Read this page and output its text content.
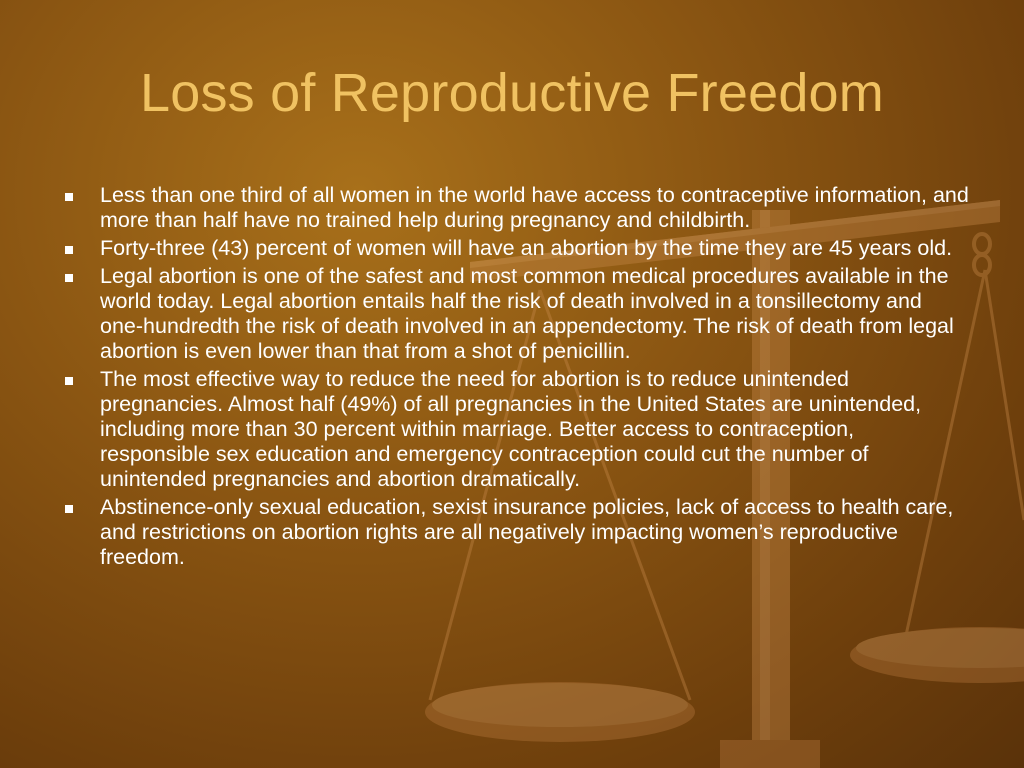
Loss of Reproductive Freedom
Less than one third of all women in the world have access to contraceptive information, and more than half have no trained help during pregnancy and childbirth.
Forty-three (43) percent of women will have an abortion by the time they are 45 years old.
Legal abortion is one of the safest and most common medical procedures available in the world today. Legal abortion entails half the risk of death involved in a tonsillectomy and one-hundredth the risk of death involved in an appendectomy. The risk of death from legal abortion is even lower than that from a shot of penicillin.
The most effective way to reduce the need for abortion is to reduce unintended pregnancies. Almost half (49%) of all pregnancies in the United States are unintended, including more than 30 percent within marriage. Better access to contraception, responsible sex education and emergency contraception could cut the number of unintended pregnancies and abortion dramatically.
Abstinence-only sexual education, sexist insurance policies, lack of access to health care, and restrictions on abortion rights are all negatively impacting women’s reproductive freedom.
